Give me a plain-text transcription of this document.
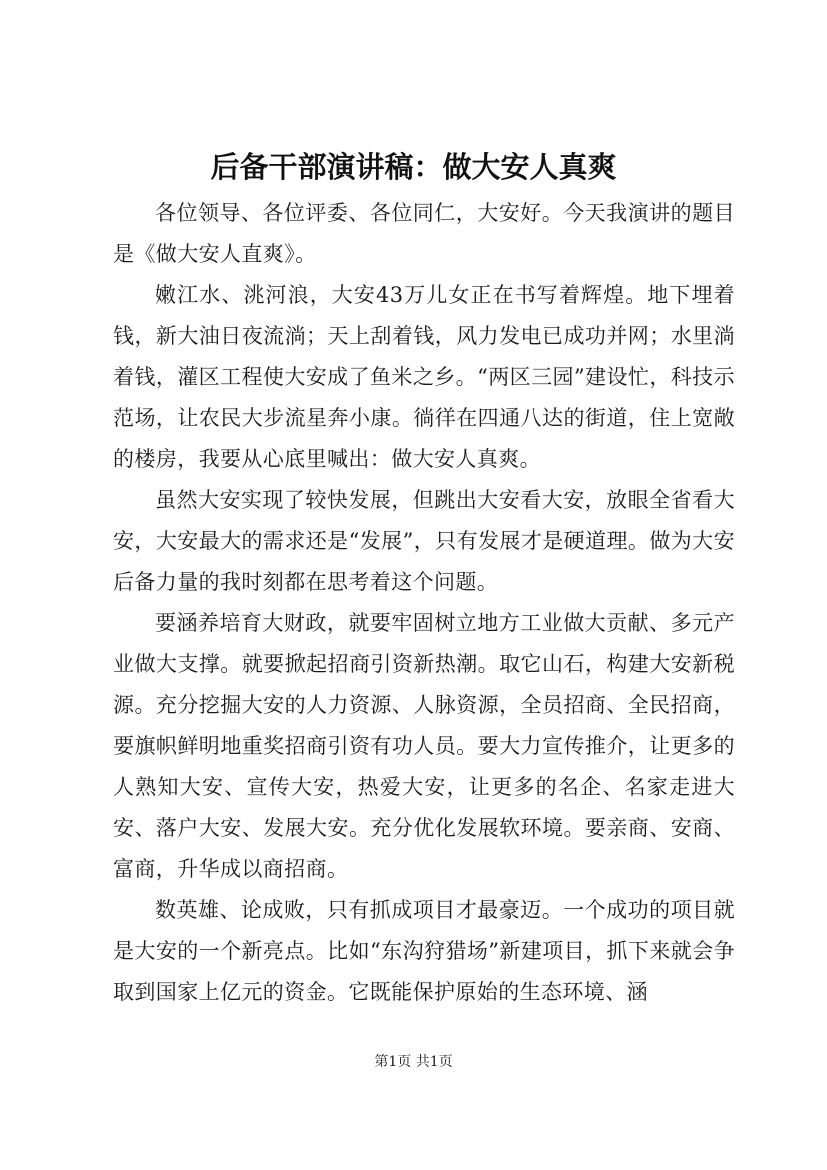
后备干部演讲稿：做大安人真爽

各位领导、各位评委、各位同仁，大安好。今天我演讲的题目是《做大安人直爽》。

嫩江水、洮河浪，大安43万儿女正在书写着辉煌。地下埋着钱，新大油日夜流淌；天上刮着钱，风力发电已成功并网；水里淌着钱，灌区工程使大安成了鱼米之乡。“两区三园”建设忙，科技示范场，让农民大步流星奔小康。徜徉在四通八达的街道，住上宽敞的楼房，我要从心底里喊出：做大安人真爽。

虽然大安实现了较快发展，但跳出大安看大安，放眼全省看大安，大安最大的需求还是“发展”，只有发展才是硬道理。做为大安后备力量的我时刻都在思考着这个问题。

要涵养培育大财政，就要牢固树立地方工业做大贡献、多元产业做大支撑。就要掀起招商引资新热潮。取它山石，构建大安新税源。充分挖掘大安的人力资源、人脉资源，全员招商、全民招商，要旗帜鲜明地重奖招商引资有功人员。要大力宣传推介，让更多的人熟知大安、宣传大安，热爱大安，让更多的名企、名家走进大安、落户大安、发展大安。充分优化发展软环境。要亲商、安商、富商，升华成以商招商。

数英雄、论成败，只有抓成项目才最豪迈。一个成功的项目就是大安的一个新亮点。比如“东沟狩猎场”新建项目，抓下来就会争取到国家上亿元的资金。它既能保护原始的生态环境、涵

第1页 共1页
